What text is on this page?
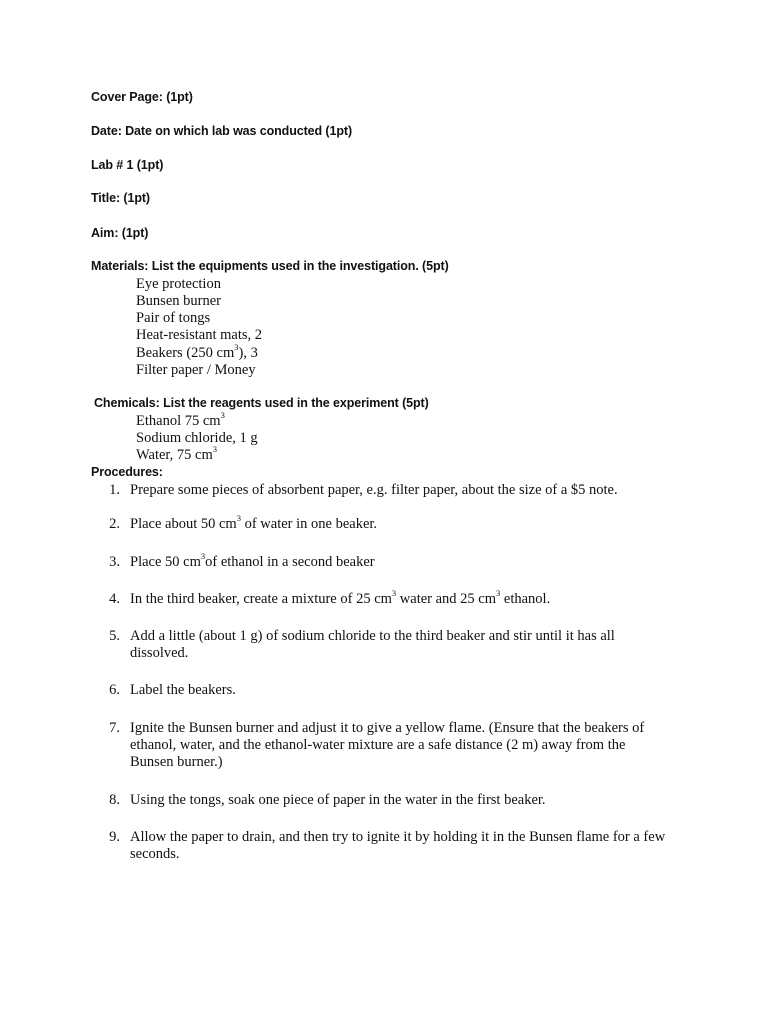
Cover Page: (1pt)
Date: Date on which lab was conducted (1pt)
Lab # 1 (1pt)
Title: (1pt)
Aim: (1pt)
Materials: List the equipments used in the investigation. (5pt)
Eye protection
Bunsen burner
Pair of tongs
Heat-resistant mats, 2
Beakers (250 $cm^3$), 3
Filter paper / Money
Chemicals: List the reagents used in the experiment (5pt)
Ethanol 75 $cm^3$
Sodium chloride, 1 g
Water, 75 $cm^3$
Procedures:
1. Prepare some pieces of absorbent paper, e.g. filter paper, about the size of a $5 note.
2. Place about 50 $cm^3$ of water in one beaker.
3. Place 50 $cm^3of$ ethanol in a second beaker
4. In the third beaker, create a mixture of 25 $cm^3$ water and 25 $cm^3$ ethanol.
5. Add a little (about 1 g) of sodium chloride to the third beaker and stir until it has all dissolved.
6. Label the beakers.
7. Ignite the Bunsen burner and adjust it to give a yellow flame. (Ensure that the beakers of ethanol, water, and the ethanol-water mixture are a safe distance (2 m) away from the Bunsen burner.)
8. Using the tongs, soak one piece of paper in the water in the first beaker.
9. Allow the paper to drain, and then try to ignite it by holding it in the Bunsen flame for a few seconds.
